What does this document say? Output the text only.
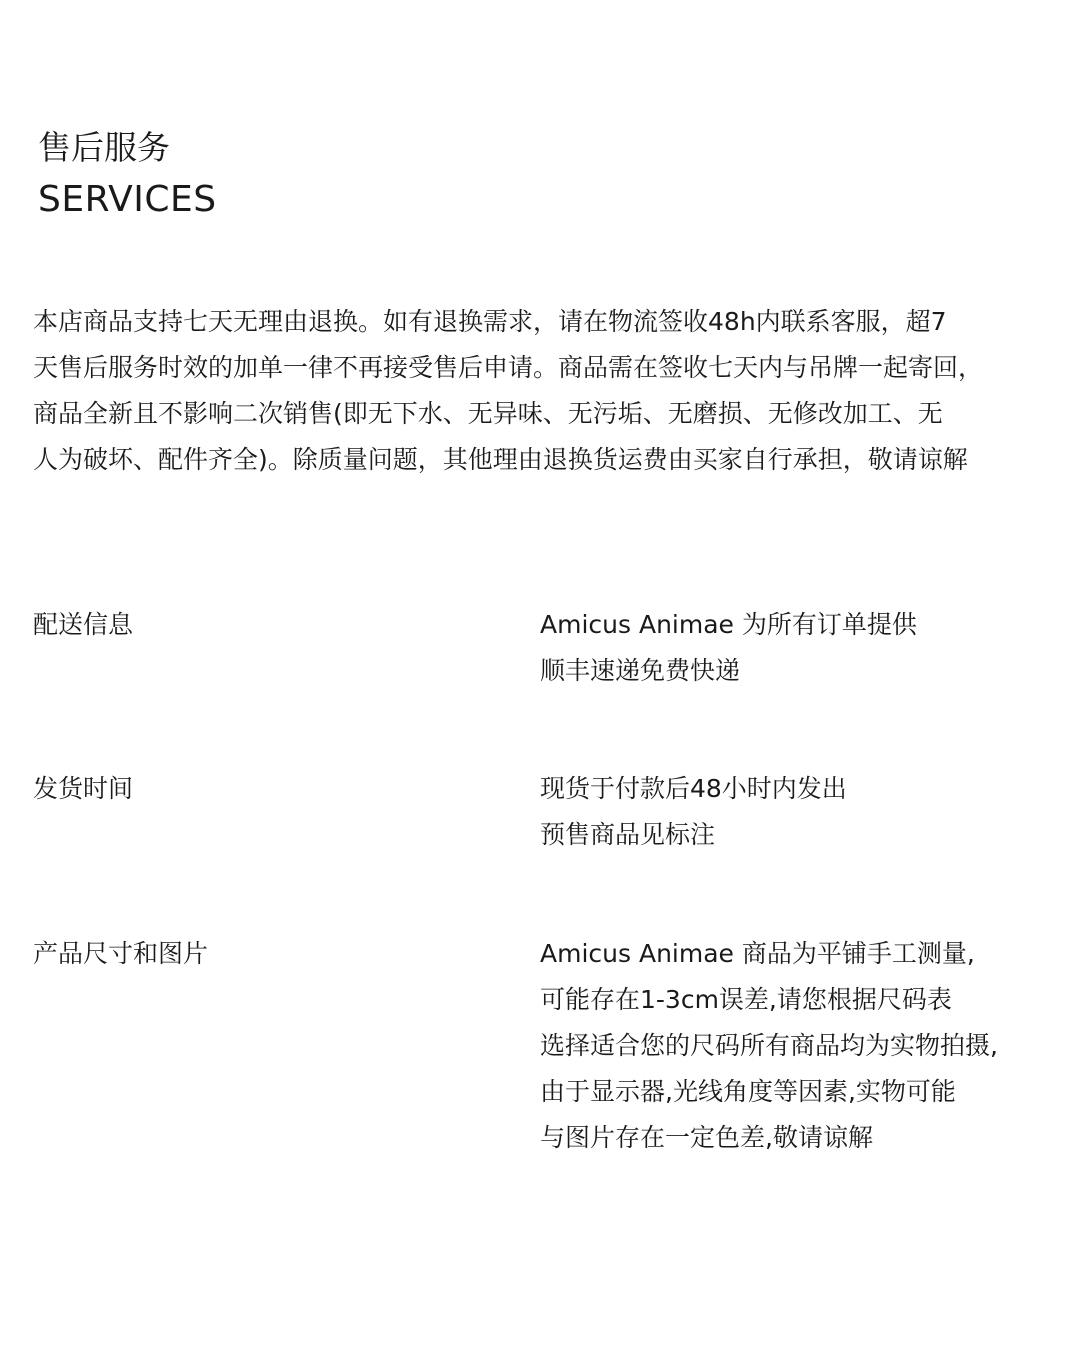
售后服务
SERVICES

本店商品支持七天无理由退换。如有退换需求，请在物流签收48h内联系客服，超7
天售后服务时效的加单一律不再接受售后申请。商品需在签收七天内与吊牌一起寄回，
商品全新且不影响二次销售(即无下水、无异味、无污垢、无磨损、无修改加工、无
人为破坏、配件齐全)。除质量问题，其他理由退换货运费由买家自行承担，敬请谅解

配送信息	Amicus Animae 为所有订单提供
顺丰速递免费快递
发货时间	现货于付款后48小时内发出
预售商品见标注
产品尺寸和图片	Amicus Animae 商品为平铺手工测量,
可能存在1-3cm误差,请您根据尺码表
选择适合您的尺码所有商品均为实物拍摄,
由于显示器,光线角度等因素,实物可能
与图片存在一定色差,敬请谅解
